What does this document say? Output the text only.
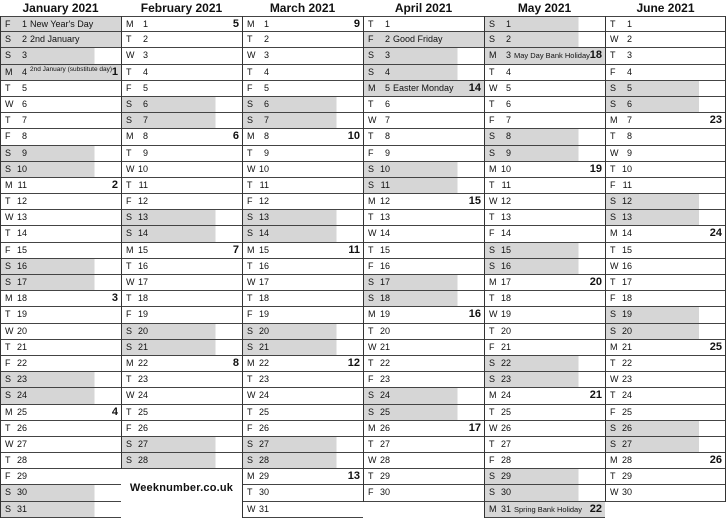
January 2021
F	1 New Year's Day
S	2 2nd January
S	3
M	4 2nd January (substitute day) 1
T	5
W 6
T	7
F	8
S	9
S 10
M 11	2
T 12
W 13
T 14
F 15
S 16
S 17
M 18	3
T 19
W 20
T 21
F 22
S 23
S 24
M 25	4
T 26
W 27
T 28
F 29
S 30
S 31
February 2021
M	1	5
T	2
W 3
T	4
F	5
S	6
S	7
M	8	6
T	9
W 10
T 11
F 12
S 13
S 14
M 15	7
T 16
W 17
T 18
F 19
S 20
S 21
M 22	8
T 23
W 24
T 25
F 26
S 27
S 28
March 2021
M	1	9
T	2
W 3
T	4
F	5
S	6
S	7
M	8	10
T	9
W 10
T 11
F 12
S 13
S 14
M 15	11
T 16
W 17
T 18
F 19
S 20
S 21
M 22	12
T 23
W 24
T 25
F 26
S 27
S 28
M 29	13
T 30
W 31
April 2021
T	1
F	2 Good Friday
S	3
S	4
M	5 Easter Monday 14
T	6
W 7
T	8
F	9
S 10
S 11
M 12	15
T 13
W 14
T 15
F 16
S 17
S 18
M 19	16
T 20
W 21
T 22
F 23
S 24
S 25
M 26	17
T 27
W 28
T 29
F 30
May 2021
S	1
S	2
M	3 May Day Bank Holiday 18
T	4
W 5
T	6
F	7
S	8
S	9
M 10	19
T 11
W 12
T 13
F 14
S 15
S 16
M 17	20
T 18
W 19
T 20
F 21
S 22
S 23
M 24	21
T 25
W 26
T 27
F 28
S 29
S 30
M 31 Spring Bank Holiday 22
June 2021
T	1
W 2
T	3
F	4
S	5
S	6
M	7	23
T	8
W 9
T 10
F 11
S 12
S 13
M 14	24
T 15
W 16
T 17
F 18
S 19
S 20
M 21	25
T 22
W 23
T 24
F 25
S 26
S 27
M 28	26
T 29
W 30
Weeknumber.co.uk
